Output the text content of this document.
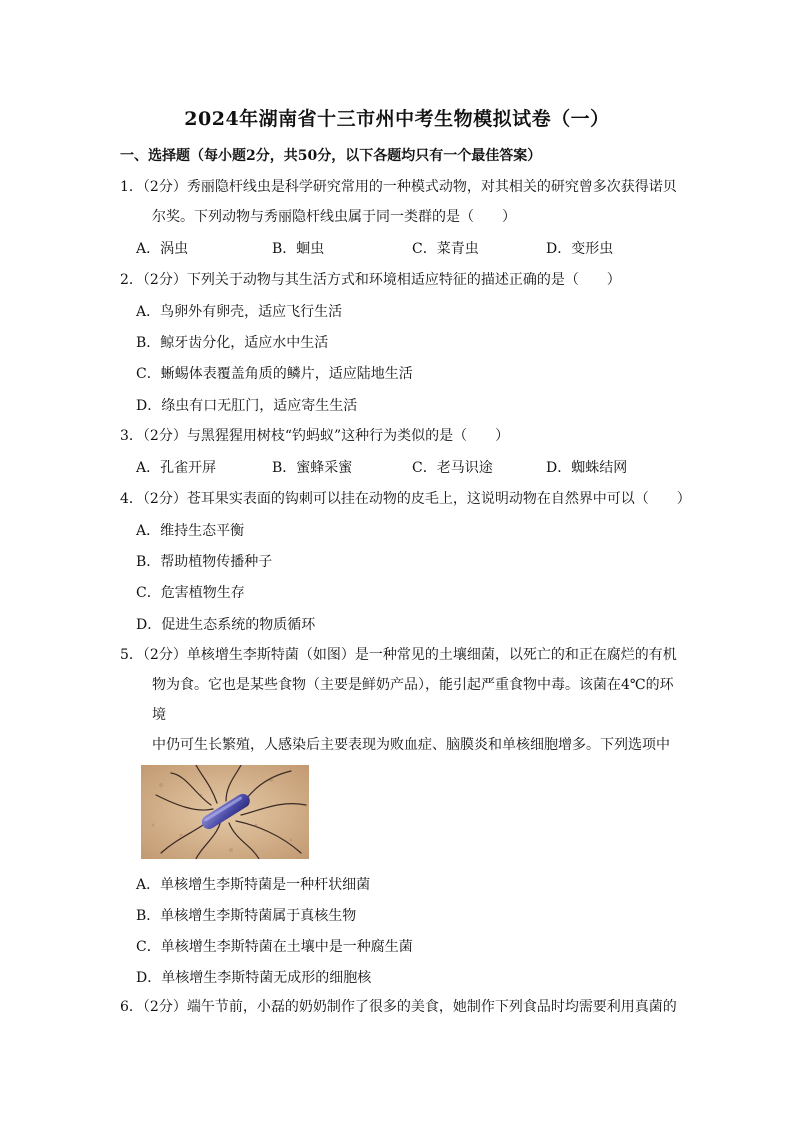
2024年湖南省十三市州中考生物模拟试卷（一）
一、选择题（每小题2分，共50分，以下各题均只有一个最佳答案）
1．（2分）秀丽隐杆线虫是科学研究常用的一种模式动物，对其相关的研究曾多次获得诺贝

尔奖。下列动物与秀丽隐杆线虫属于同一类群的是（　　）
A．涡虫	B．蛔虫	C．菜青虫	D．变形虫
2．（2分）下列关于动物与其生活方式和环境相适应特征的描述正确的是（　　）
A．鸟卵外有卵壳，适应飞行生活
B．鲸牙齿分化，适应水中生活
C．蜥蜴体表覆盖角质的鳞片，适应陆地生活
D．绦虫有口无肛门，适应寄生生活
3．（2分）与黑猩猩用树枝“钓蚂蚁”这种行为类似的是（　　）
A．孔雀开屏	B．蜜蜂采蜜	C．老马识途	D．蜘蛛结网
4．（2分）苍耳果实表面的钩刺可以挂在动物的皮毛上，这说明动物在自然界中可以（　　）
A．维持生态平衡
B．帮助植物传播种子
C．危害植物生存
D．促进生态系统的物质循环
5．（2分）单核增生李斯特菌（如图）是一种常见的土壤细菌，以死亡的和正在腐烂的有机

物为食。它也是某些食物（主要是鲜奶产品），能引起严重食物中毒。该菌在4℃的环境
中仍可生长繁殖，人感染后主要表现为败血症、脑膜炎和单核细胞增多。下列选项中
A．单核增生李斯特菌是一种杆状细菌
B．单核增生李斯特菌属于真核生物
C．单核增生李斯特菌在土壤中是一种腐生菌
D．单核增生李斯特菌无成形的细胞核
6．（2分）端午节前，小磊的奶奶制作了很多的美食，她制作下列食品时均需要利用真菌的
